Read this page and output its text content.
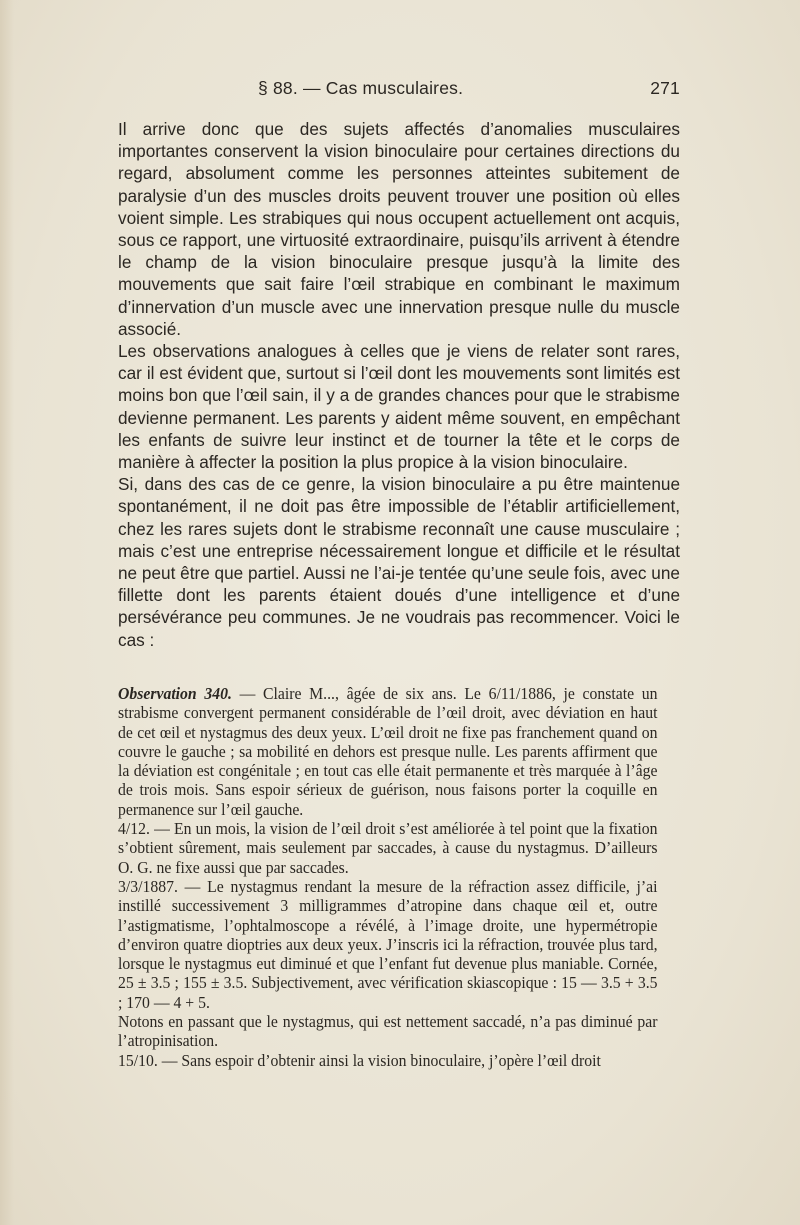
§ 88. — Cas musculaires.	271

Il arrive donc que des sujets affectés d’anomalies musculaires importantes conservent la vision binoculaire pour certaines directions du regard, absolument comme les personnes atteintes subitement de paralysie d’un des muscles droits peuvent trouver une position où elles voient simple. Les strabiques qui nous occupent actuellement ont acquis, sous ce rapport, une virtuosité extraordinaire, puisqu’ils arrivent à étendre le champ de la vision binoculaire presque jusqu’à la limite des mouvements que sait faire l’œil strabique en combinant le maximum d’innervation d’un muscle avec une innervation presque nulle du muscle associé.

Les observations analogues à celles que je viens de relater sont rares, car il est évident que, surtout si l’œil dont les mouvements sont limités est moins bon que l’œil sain, il y a de grandes chances pour que le strabisme devienne permanent. Les parents y aident même souvent, en empêchant les enfants de suivre leur instinct et de tourner la tête et le corps de manière à affecter la position la plus propice à la vision binoculaire.

Si, dans des cas de ce genre, la vision binoculaire a pu être maintenue spontanément, il ne doit pas être impossible de l’établir artificiellement, chez les rares sujets dont le strabisme reconnaît une cause musculaire ; mais c’est une entreprise nécessairement longue et difficile et le résultat ne peut être que partiel. Aussi ne l’ai-je tentée qu’une seule fois, avec une fillette dont les parents étaient doués d’une intelligence et d’une persévérance peu communes. Je ne voudrais pas recommencer. Voici le cas :

Observation 340. — Claire M..., âgée de six ans. Le 6/11/1886, je constate un strabisme convergent permanent considérable de l’œil droit, avec déviation en haut de cet œil et nystagmus des deux yeux. L’œil droit ne fixe pas franchement quand on couvre le gauche ; sa mobilité en dehors est presque nulle. Les parents affirment que la déviation est congénitale ; en tout cas elle était permanente et très marquée à l’âge de trois mois. Sans espoir sérieux de guérison, nous faisons porter la coquille en permanence sur l’œil gauche.

4/12. — En un mois, la vision de l’œil droit s’est améliorée à tel point que la fixation s’obtient sûrement, mais seulement par saccades, à cause du nystagmus. D’ailleurs O. G. ne fixe aussi que par saccades.

3/3/1887. — Le nystagmus rendant la mesure de la réfraction assez difficile, j’ai instillé successivement 3 milligrammes d’atropine dans chaque œil et, outre l’astigmatisme, l’ophtalmoscope a révélé, à l’image droite, une hypermétropie d’environ quatre dioptries aux deux yeux. J’inscris ici la réfraction, trouvée plus tard, lorsque le nystagmus eut diminué et que l’enfant fut devenue plus maniable. Cornée, 25 ± 3.5 ; 155 ± 3.5. Subjectivement, avec vérification skiascopique : 15 — 3.5 + 3.5 ; 170 — 4 + 5.

Notons en passant que le nystagmus, qui est nettement saccadé, n’a pas diminué par l’atropinisation.

15/10. — Sans espoir d’obtenir ainsi la vision binoculaire, j’opère l’œil droit
